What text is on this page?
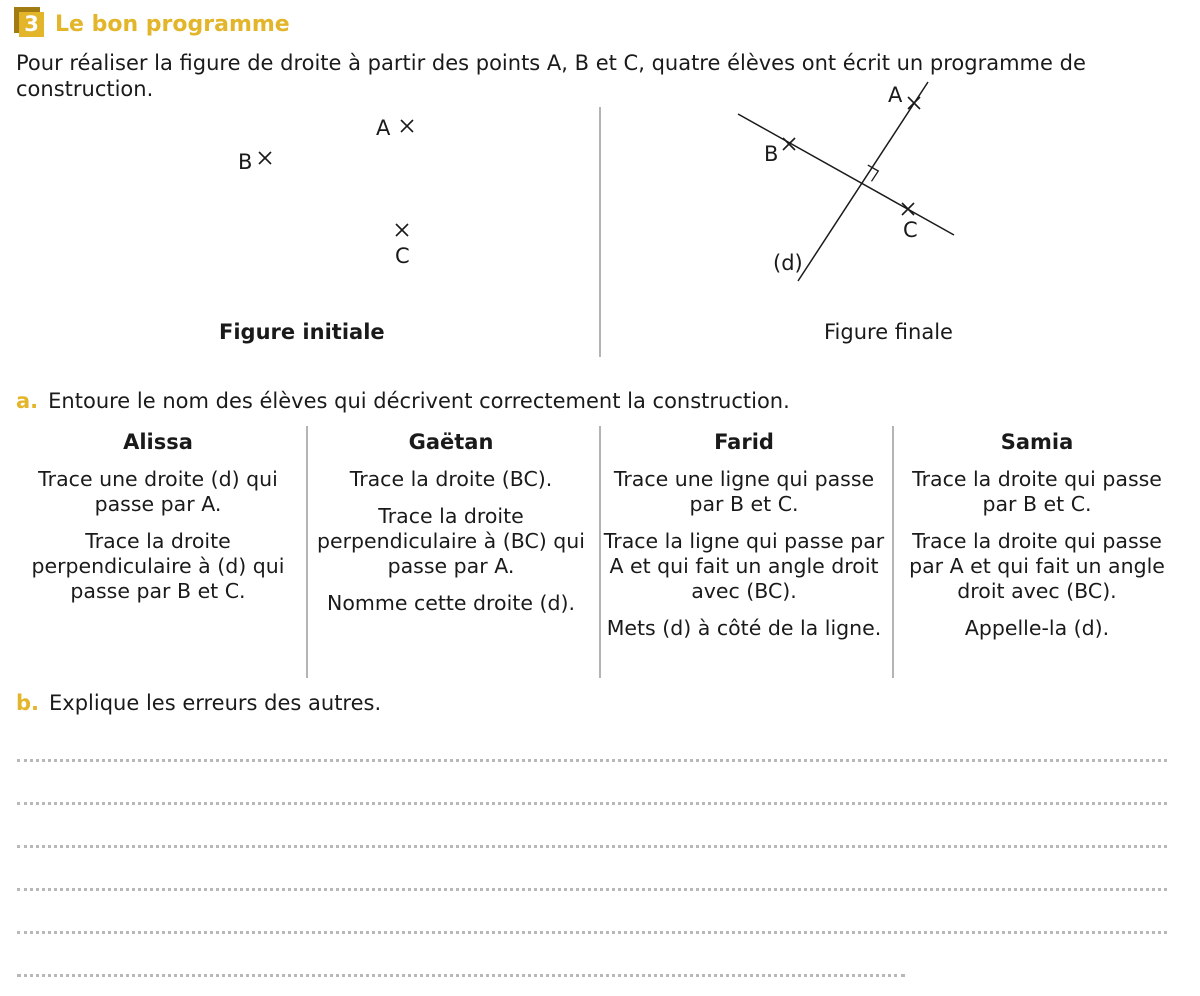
3 Le bon programme
Pour réaliser la figure de droite à partir des points A, B et C, quatre élèves ont écrit un programme de construction.
A
B
C
A
B
C
(d)
Figure initiale	Figure finale
a. Entoure le nom des élèves qui décrivent correctement la construction.
Alissa

Trace une droite (d) qui passe par A.

Trace la droite perpendiculaire à (d) qui passe par B et C.

Gaëtan

Trace la droite (BC).

Trace la droite perpendiculaire à (BC) qui passe par A.

Nomme cette droite (d).

Farid

Trace une ligne qui passe par B et C.

Trace la ligne qui passe par A et qui fait un angle droit avec (BC).

Mets (d) à côté de la ligne.

Samia

Trace la droite qui passe par B et C.

Trace la droite qui passe par A et qui fait un angle droit avec (BC).

Appelle-la (d).

b. Explique les erreurs des autres.
